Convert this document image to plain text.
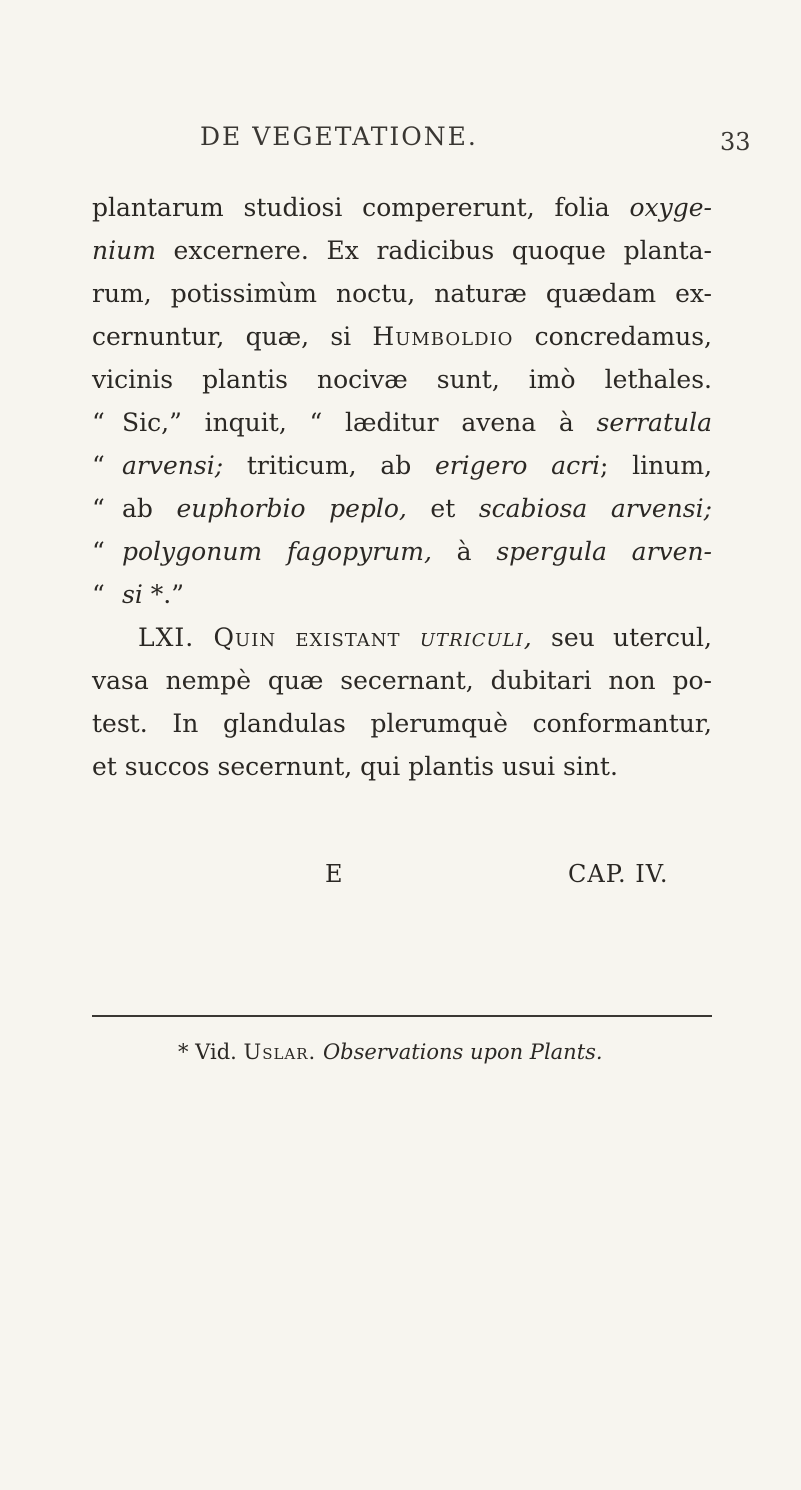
DE VEGETATIONE.	33
plantarum studiosi compererunt, folia oxyge-
nium excernere. Ex radicibus quoque planta-
rum, potissimùm noctu, naturæ quædam ex-
cernuntur, quæ, si Humboldio concredamus,
vicinis plantis nocivæ sunt, imò lethales.
“ Sic,” inquit, “ læditur avena à serratula
“ arvensi; triticum, ab erigero acri; linum,
“ ab euphorbio peplo, et scabiosa arvensi;
“ polygonum fagopyrum, à spergula arven-
“ si *.”
LXI. Quin existant utriculi, seu utercul,
vasa nempè quæ secernant, dubitari non po-
test. In glandulas plerumquè conformantur,
et succos secernunt, qui plantis usui sint.
E	CAP. IV.
* Vid. Uslar. Observations upon Plants.
